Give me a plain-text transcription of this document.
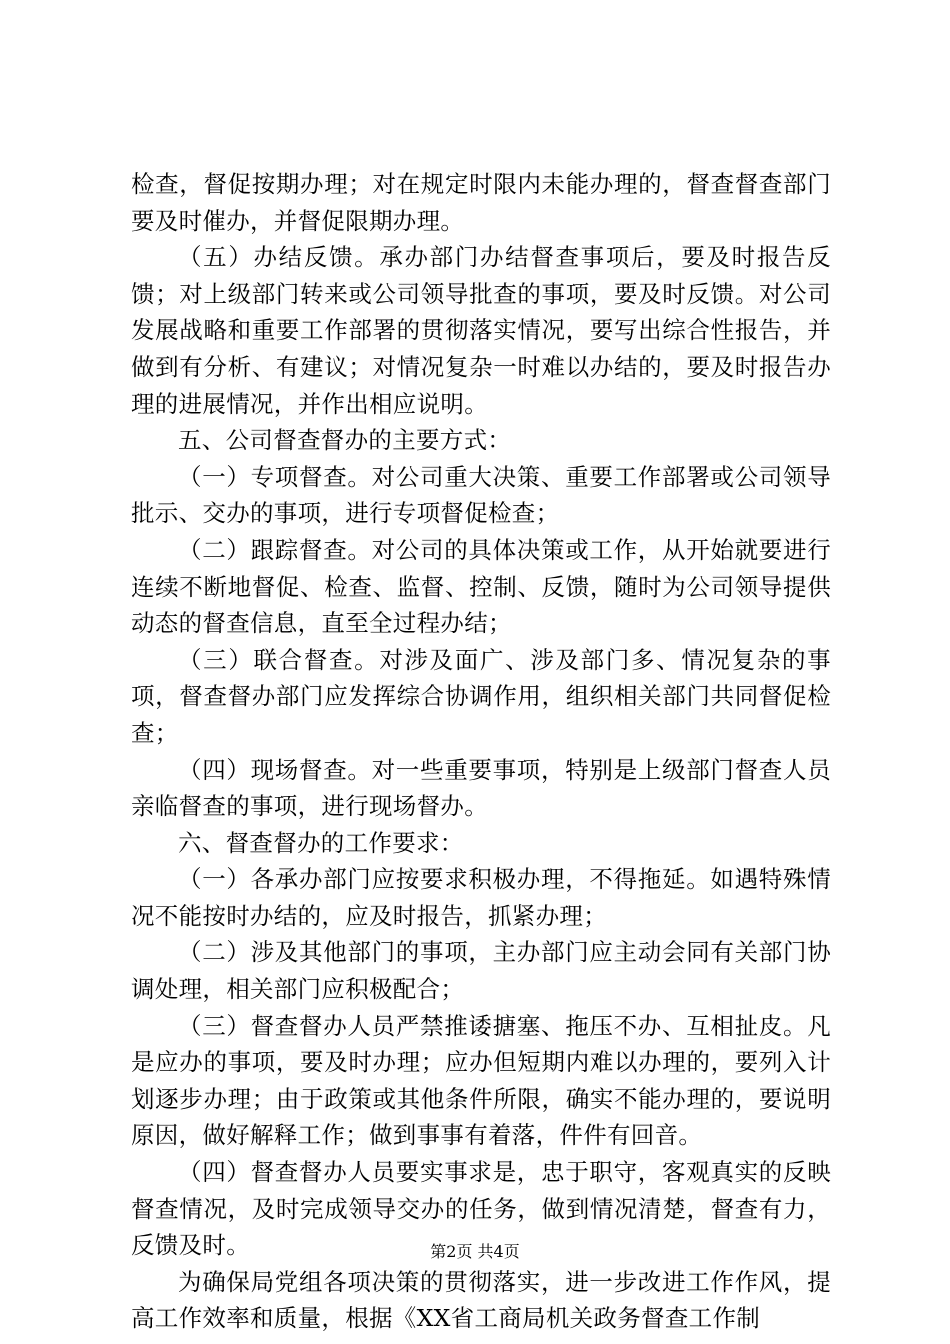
检查，督促按期办理；对在规定时限内未能办理的，督查督查部门要及时催办，并督促限期办理。

（五）办结反馈。承办部门办结督查事项后，要及时报告反馈；对上级部门转来或公司领导批查的事项，要及时反馈。对公司发展战略和重要工作部署的贯彻落实情况，要写出综合性报告，并做到有分析、有建议；对情况复杂一时难以办结的，要及时报告办理的进展情况，并作出相应说明。

五、公司督查督办的主要方式：

（一）专项督查。对公司重大决策、重要工作部署或公司领导批示、交办的事项，进行专项督促检查；

（二）跟踪督查。对公司的具体决策或工作，从开始就要进行连续不断地督促、检查、监督、控制、反馈，随时为公司领导提供动态的督查信息，直至全过程办结；

（三）联合督查。对涉及面广、涉及部门多、情况复杂的事项，督查督办部门应发挥综合协调作用，组织相关部门共同督促检查；

（四）现场督查。对一些重要事项，特别是上级部门督查人员亲临督查的事项，进行现场督办。

六、督查督办的工作要求：

（一）各承办部门应按要求积极办理，不得拖延。如遇特殊情况不能按时办结的，应及时报告，抓紧办理；

（二）涉及其他部门的事项，主办部门应主动会同有关部门协调处理，相关部门应积极配合；

（三）督查督办人员严禁推诿搪塞、拖压不办、互相扯皮。凡是应办的事项，要及时办理；应办但短期内难以办理的，要列入计划逐步办理；由于政策或其他条件所限，确实不能办理的，要说明原因，做好解释工作；做到事事有着落，件件有回音。

（四）督查督办人员要实事求是，忠于职守，客观真实的反映督查情况，及时完成领导交办的任务，做到情况清楚，督查有力，反馈及时。

为确保局党组各项决策的贯彻落实，进一步改进工作作风，提高工作效率和质量，根据《XX省工商局机关政务督查工作制

第2页 共4页
